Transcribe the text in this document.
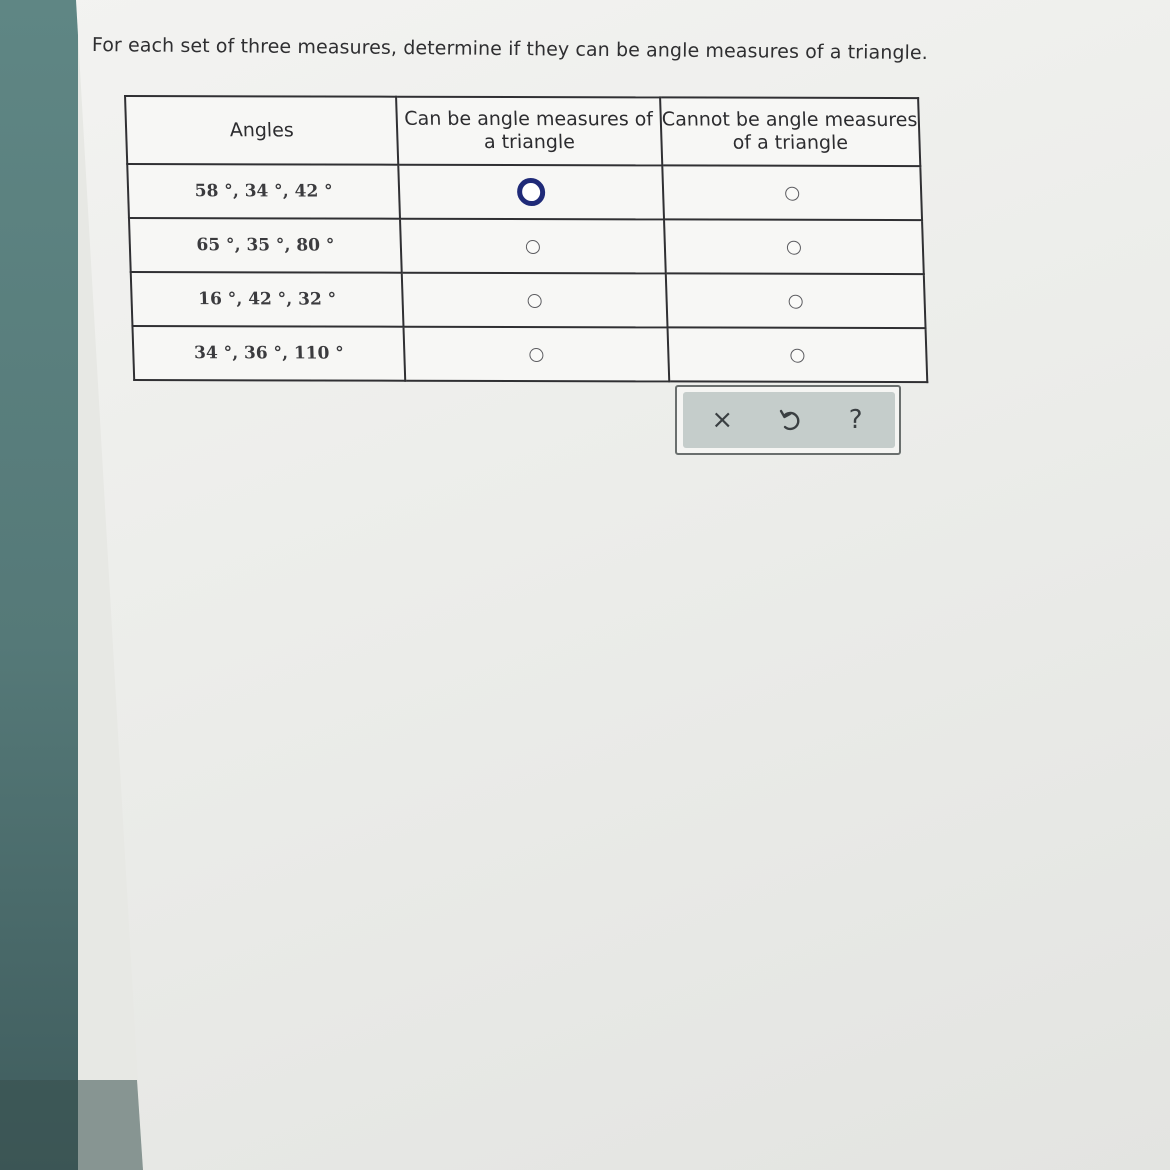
For each set of three measures, determine if they can be angle measures of a triangle.
Angles	Can be angle measures of a triangle	Cannot be angle measures of a triangle
58 °, 34 °, 42 °		
65 °, 35 °, 80 °		
16 °, 42 °, 32 °		
34 °, 36 °, 110 °		
×	?
